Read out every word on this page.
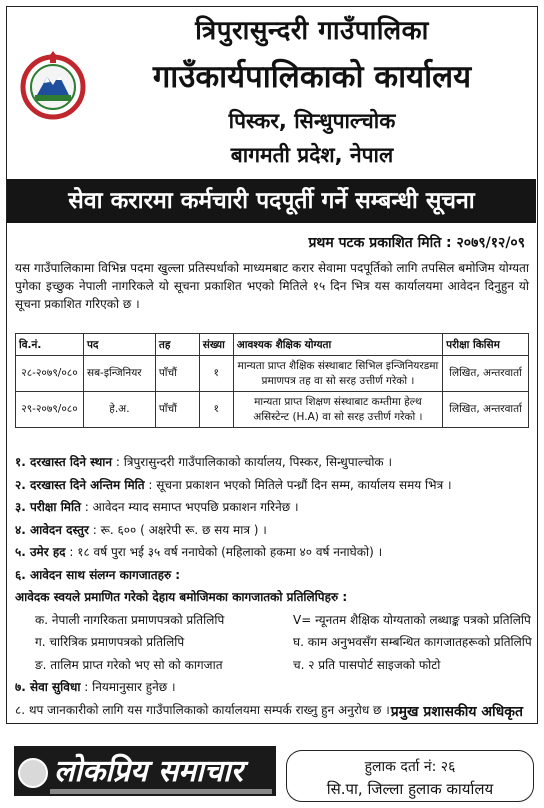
त्रिपुरासुन्दरी गाउँपालिका
गाउँकार्यपालिकाको कार्यालय
पिस्कर, सिन्धुपाल्चोक
बागमती प्रदेश, नेपाल
सेवा करारमा कर्मचारी पदपूर्ती गर्ने सम्बन्धी सूचना
प्रथम पटक प्रकाशित मिति : २०७९/१२/०९

यस गाउँपालिकामा विभिन्न पदमा खुल्ला प्रतिस्पर्धाको माध्यमबाट करार सेवामा पदपूर्तिको लागि तपसिल बमोजिम योग्यता पुगेका इच्छुक नेपाली नागरिकले यो सूचना प्रकाशित भएको मितिले १५ दिन भित्र यस कार्यालयमा आवेदन दिनुहुन यो सूचना प्रकाशित गरिएको छ ।

वि.नं.	पद	तह	संख्या	आवश्यक शैक्षिक योग्यता	परीक्षा किसिम
२८-२०७९/०८०	सब-इन्जिनियर	पाँचौं	१	मान्यता प्राप्त शैक्षिक संस्थाबाट सिभिल इन्जिनियरडमा प्रमाणपत्र तह वा सो सरह उत्तीर्ण गरेको ।	लिखित, अन्तरवार्ता
२९-२०७९/०८०	हे.अ.	पाँचौं	१	मान्यता प्राप्त शिक्षण संस्थाबाट कम्तीमा हेल्थ असिस्टेन्ट (H.A) वा सो सरह उत्तीर्ण गरेको ।	लिखित, अन्तरवार्ता
१. दरखास्त दिने स्थान : त्रिपुरासुन्दरी गाउँपालिकाको कार्यालय, पिस्कर, सिन्धुपाल्चोक ।
२. दरखास्त दिने अन्तिम मिति : सूचना प्रकाशन भएको मितिले पन्ध्रौं दिन सम्म, कार्यालय समय भित्र ।
३. परीक्षा मिति : आवेदन म्याद समाप्त भएपछि प्रकाशन गरिनेछ ।
४. आवेदन दस्तुर : रू. ६०० ( अक्षरेपी रू. छ सय मात्र ) ।
५. उमेर हद : १८ वर्ष पुरा भई ३५ वर्ष ननाघेको (महिलाको हकमा ४० वर्ष ननाघेको) ।
६. आवेदन साथ संलग्न कागजातहरु :
आवेदक स्वयले प्रमाणित गरेको देहाय बमोजिमका कागजातको प्रतिलिपिहरु :
क. नेपाली नागरिकता प्रमाणपत्रको प्रतिलिपि	V= न्यूनतम शैक्षिक योग्यताको लब्धाङ्क पत्रको प्रतिलिपि
ग. चारित्रिक प्रमाणपत्रको प्रतिलिपि	घ. काम अनुभवसँग सम्बन्धित कागजातहरूको प्रतिलिपि
ङ. तालिम प्राप्त गरेको भए सो को कागजात	च. २ प्रति पासपोर्ट साइजको फोटो
७. सेवा सुविधा : नियमानुसार हुनेछ ।
८. थप जानकारीको लागि यस गाउँपालिकाको कार्यालयमा सम्पर्क राख्नु हुन अनुरोध छ । प्रमुख प्रशासकीय अधिकृत
लोकप्रिय समाचार	हुलाक दर्ता नं: २६
सि.पा, जिल्ला हुलाक कार्यालय
